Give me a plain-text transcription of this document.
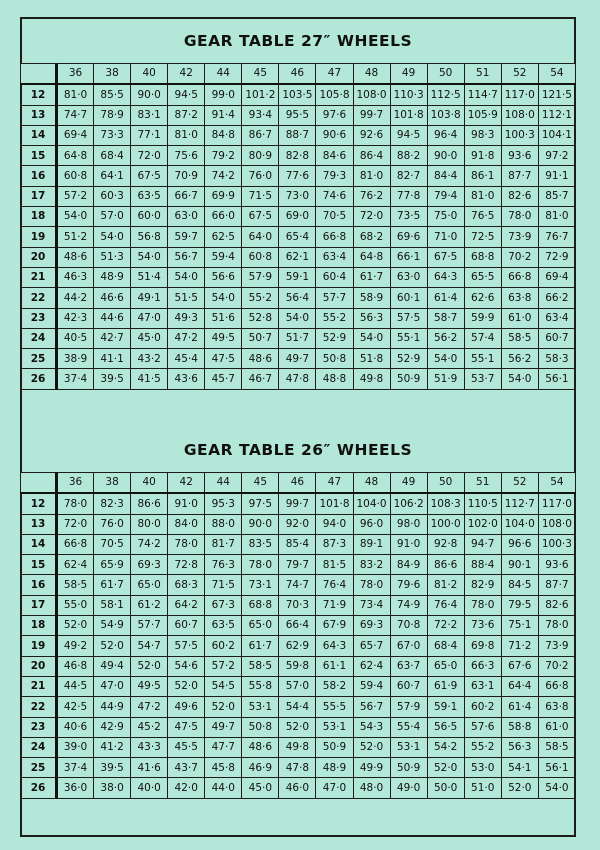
GEAR TABLE 27″ WHEELS
	36	38	40	42	44	45	46	47	48	49	50	51	52	54
12	81·0	85·5	90·0	94·5	99·0	101·2	103·5	105·8	108·0	110·3	112·5	114·7	117·0	121·5
13	74·7	78·9	83·1	87·2	91·4	93·4	95·5	97·6	99·7	101·8	103·8	105·9	108·0	112·1
14	69·4	73·3	77·1	81·0	84·8	86·7	88·7	90·6	92·6	94·5	96·4	98·3	100·3	104·1
15	64·8	68·4	72·0	75·6	79·2	80·9	82·8	84·6	86·4	88·2	90·0	91·8	93·6	97·2
16	60·8	64·1	67·5	70·9	74·2	76·0	77·6	79·3	81·0	82·7	84·4	86·1	87·7	91·1
17	57·2	60·3	63·5	66·7	69·9	71·5	73·0	74·6	76·2	77·8	79·4	81·0	82·6	85·7
18	54·0	57·0	60·0	63·0	66·0	67·5	69·0	70·5	72·0	73·5	75·0	76·5	78·0	81·0
19	51·2	54·0	56·8	59·7	62·5	64·0	65·4	66·8	68·2	69·6	71·0	72·5	73·9	76·7
20	48·6	51·3	54·0	56·7	59·4	60·8	62·1	63·4	64·8	66·1	67·5	68·8	70·2	72·9
21	46·3	48·9	51·4	54·0	56·6	57·9	59·1	60·4	61·7	63·0	64·3	65·5	66·8	69·4
22	44·2	46·6	49·1	51·5	54·0	55·2	56·4	57·7	58·9	60·1	61·4	62·6	63·8	66·2
23	42·3	44·6	47·0	49·3	51·6	52·8	54·0	55·2	56·3	57·5	58·7	59·9	61·0	63·4
24	40·5	42·7	45·0	47·2	49·5	50·7	51·7	52·9	54·0	55·1	56·2	57·4	58·5	60·7
25	38·9	41·1	43·2	45·4	47·5	48·6	49·7	50·8	51·8	52·9	54·0	55·1	56·2	58·3
26	37·4	39·5	41·5	43·6	45·7	46·7	47·8	48·8	49·8	50·9	51·9	53·7	54·0	56·1
GEAR TABLE 26″ WHEELS
	36	38	40	42	44	45	46	47	48	49	50	51	52	54
12	78·0	82·3	86·6	91·0	95·3	97·5	99·7	101·8	104·0	106·2	108·3	110·5	112·7	117·0
13	72·0	76·0	80·0	84·0	88·0	90·0	92·0	94·0	96·0	98·0	100·0	102·0	104·0	108·0
14	66·8	70·5	74·2	78·0	81·7	83·5	85·4	87·3	89·1	91·0	92·8	94·7	96·6	100·3
15	62·4	65·9	69·3	72·8	76·3	78·0	79·7	81·5	83·2	84·9	86·6	88·4	90·1	93·6
16	58·5	61·7	65·0	68·3	71·5	73·1	74·7	76·4	78·0	79·6	81·2	82·9	84·5	87·7
17	55·0	58·1	61·2	64·2	67·3	68·8	70·3	71·9	73·4	74·9	76·4	78·0	79·5	82·6
18	52·0	54·9	57·7	60·7	63·5	65·0	66·4	67·9	69·3	70·8	72·2	73·6	75·1	78·0
19	49·2	52·0	54·7	57·5	60·2	61·7	62·9	64·3	65·7	67·0	68·4	69·8	71·2	73·9
20	46·8	49·4	52·0	54·6	57·2	58·5	59·8	61·1	62·4	63·7	65·0	66·3	67·6	70·2
21	44·5	47·0	49·5	52·0	54·5	55·8	57·0	58·2	59·4	60·7	61·9	63·1	64·4	66·8
22	42·5	44·9	47·2	49·6	52·0	53·1	54·4	55·5	56·7	57·9	59·1	60·2	61·4	63·8
23	40·6	42·9	45·2	47·5	49·7	50·8	52·0	53·1	54·3	55·4	56·5	57·6	58·8	61·0
24	39·0	41·2	43·3	45·5	47·7	48·6	49·8	50·9	52·0	53·1	54·2	55·2	56·3	58·5
25	37·4	39·5	41·6	43·7	45·8	46·9	47·8	48·9	49·9	50·9	52·0	53·0	54·1	56·1
26	36·0	38·0	40·0	42·0	44·0	45·0	46·0	47·0	48·0	49·0	50·0	51·0	52·0	54·0
